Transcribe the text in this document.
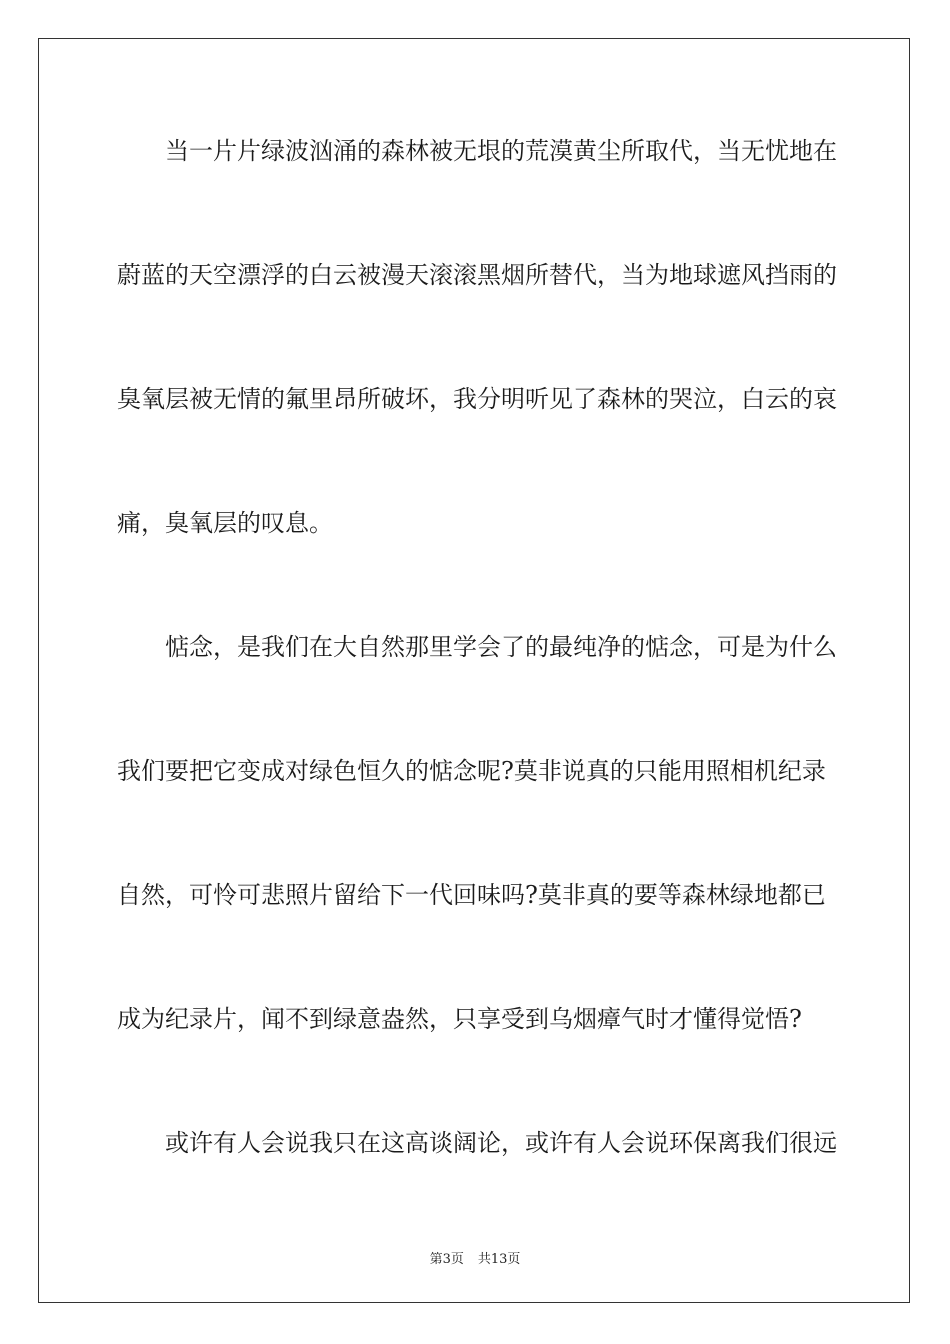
当一片片绿波汹涌的森林被无垠的荒漠黄尘所取代，当无忧地在

蔚蓝的天空漂浮的白云被漫天滚滚黑烟所替代，当为地球遮风挡雨的

臭氧层被无情的氟里昂所破坏，我分明听见了森林的哭泣，白云的哀

痛，臭氧层的叹息。

惦念，是我们在大自然那里学会了的最纯净的惦念，可是为什么

我们要把它变成对绿色恒久的惦念呢?莫非说真的只能用照相机纪录

自然，可怜可悲照片留给下一代回味吗?莫非真的要等森林绿地都已

成为纪录片，闻不到绿意盎然，只享受到乌烟瘴气时才懂得觉悟?

或许有人会说我只在这高谈阔论，或许有人会说环保离我们很远

第3页 共13页
